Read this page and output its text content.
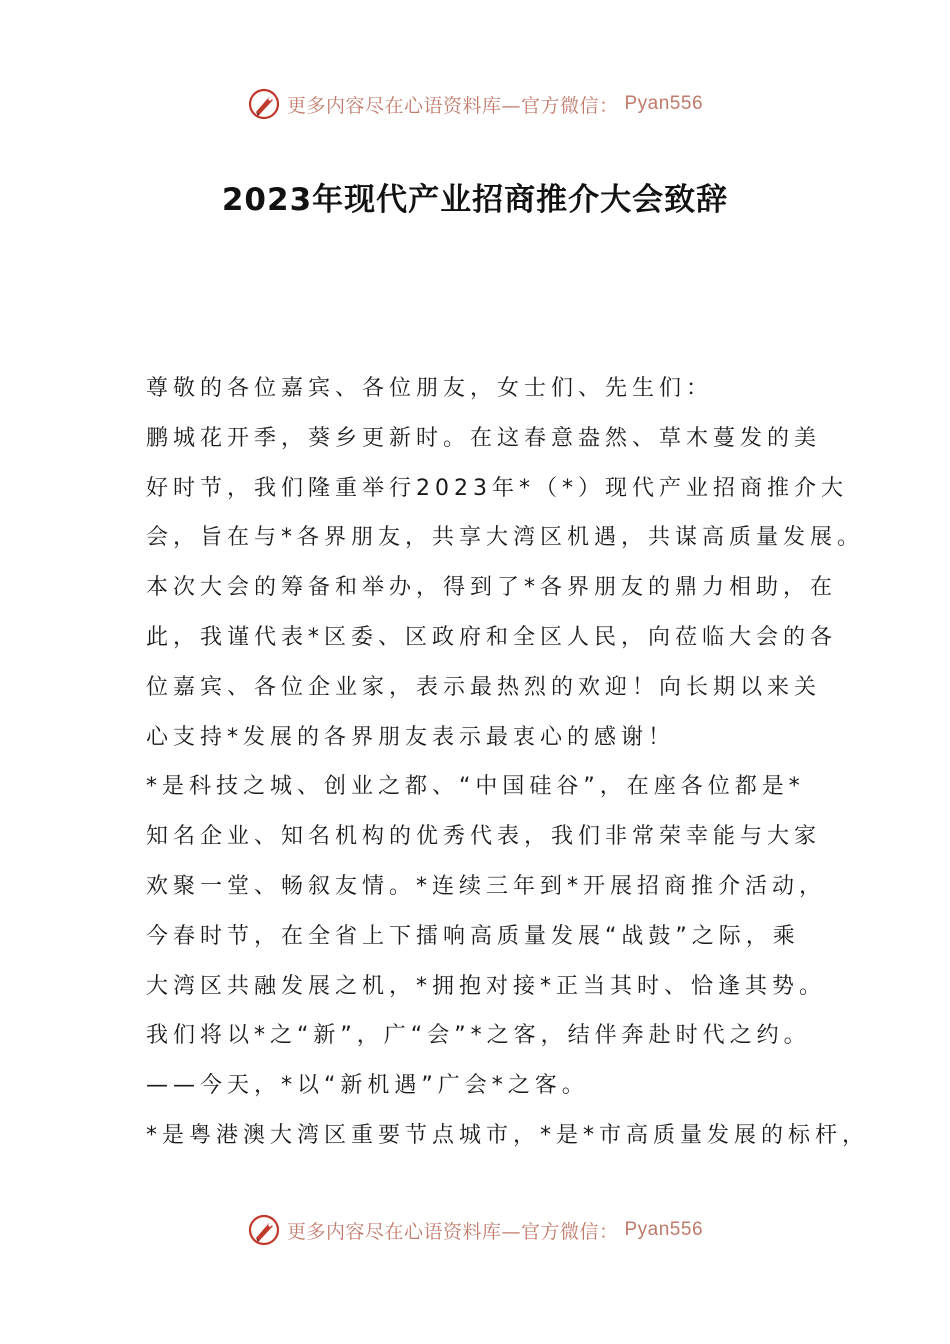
更多内容尽在心语资料库—官方微信： Pyan556
2023年现代产业招商推介大会致辞
尊敬的各位嘉宾、各位朋友，女士们、先生们：
鹏城花开季，葵乡更新时。在这春意盎然、草木蔓发的美
好时节，我们隆重举行2023年*（*）现代产业招商推介大
会，旨在与*各界朋友，共享大湾区机遇，共谋高质量发展。
本次大会的筹备和举办，得到了*各界朋友的鼎力相助，在
此，我谨代表*区委、区政府和全区人民，向莅临大会的各
位嘉宾、各位企业家，表示最热烈的欢迎！向长期以来关
心支持*发展的各界朋友表示最衷心的感谢！
*是科技之城、创业之都、“中国硅谷”，在座各位都是*
知名企业、知名机构的优秀代表，我们非常荣幸能与大家
欢聚一堂、畅叙友情。*连续三年到*开展招商推介活动，
今春时节，在全省上下擂响高质量发展“战鼓”之际，乘
大湾区共融发展之机，*拥抱对接*正当其时、恰逢其势。
我们将以*之“新”，广“会”*之客，结伴奔赴时代之约。
——今天，*以“新机遇”广会*之客。
*是粤港澳大湾区重要节点城市，*是*市高质量发展的标杆，
更多内容尽在心语资料库—官方微信： Pyan556
